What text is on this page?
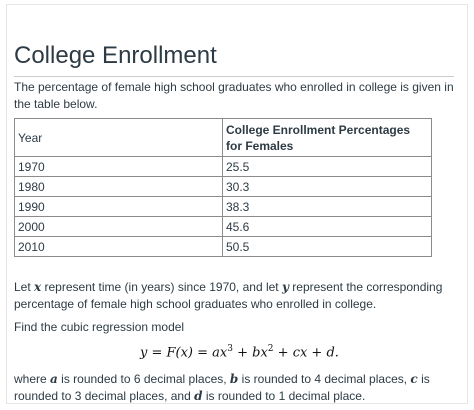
College Enrollment

The percentage of female high school graduates who enrolled in college is given in the table below.

Year	College Enrollment Percentages for Females
1970	25.5
1980	30.3
1990	38.3
2000	45.6
2010	50.5

Let x represent time (in years) since 1970, and let y represent the corresponding percentage of female high school graduates who enrolled in college.

Find the cubic regression model

$y = F(x) = ax^3 + bx^2$ + cx + d.

where a is rounded to 6 decimal places, b is rounded to 4 decimal places, c is rounded to 3 decimal places, and d is rounded to 1 decimal place.
